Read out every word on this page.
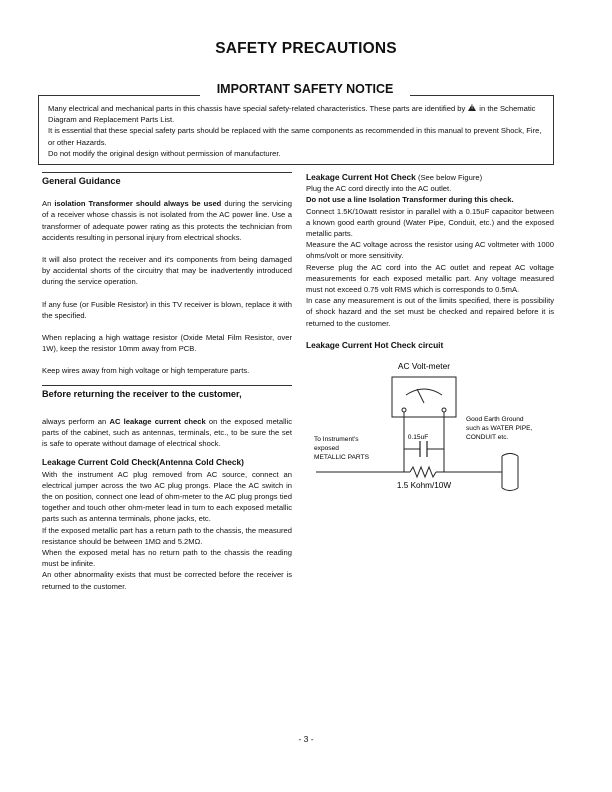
SAFETY PRECAUTIONS
IMPORTANT SAFETY NOTICE

Many electrical and mechanical parts in this chassis have special safety-related characteristics. These parts are identified by ! in the Schematic Diagram and Replacement Parts List.

It is essential that these special safety parts should be replaced with the same components as recommended in this manual to prevent Shock, Fire, or other Hazards.

Do not modify the original design without permission of manufacturer.

General Guidance

An isolation Transformer should always be used during the servicing of a receiver whose chassis is not isolated from the AC power line. Use a transformer of adequate power rating as this protects the technician from accidents resulting in personal injury from electrical shocks.

It will also protect the receiver and it's components from being damaged by accidental shorts of the circuitry that may be inadvertently introduced during the service operation.

If any fuse (or Fusible Resistor) in this TV receiver is blown, replace it with the specified.

When replacing a high wattage resistor (Oxide Metal Film Resistor, over 1W), keep the resistor 10mm away from PCB.

Keep wires away from high voltage or high temperature parts.

Before returning the receiver to the customer,

always perform an AC leakage current check on the exposed metallic parts of the cabinet, such as antennas, terminals, etc., to be sure the set is safe to operate without damage of electrical shock.

Leakage Current Cold Check(Antenna Cold Check)

With the instrument AC plug removed from AC source, connect an electrical jumper across the two AC plug prongs. Place the AC switch in the on position, connect one lead of ohm-meter to the AC plug prongs tied together and touch other ohm-meter lead in turn to each exposed metallic parts such as antenna terminals, phone jacks, etc.

If the exposed metallic part has a return path to the chassis, the measured resistance should be between 1MΩ and 5.2MΩ.

When the exposed metal has no return path to the chassis the reading must be infinite.

An other abnormality exists that must be corrected before the receiver is returned to the customer.

Leakage Current Hot Check (See below Figure)

Plug the AC cord directly into the AC outlet.

Do not use a line Isolation Transformer during this check.

Connect 1.5K/10watt resistor in parallel with a 0.15uF capacitor between a known good earth ground (Water Pipe, Conduit, etc.) and the exposed metallic parts.

Measure the AC voltage across the resistor using AC voltmeter with 1000 ohms/volt or more sensitivity.

Reverse plug the AC cord into the AC outlet and repeat AC voltage measurements for each exposed metallic part. Any voltage measured must not exceed 0.75 volt RMS which is corresponds to 0.5mA.

In case any measurement is out of the limits specified, there is possibility of shock hazard and the set must be checked and repaired before it is returned to the customer.

Leakage Current Hot Check circuit

AC Volt-meter
0.15uF
1.5 Kohm/10W
To Instrument's
exposed
METALLIC PARTS
Good Earth Ground
such as WATER PIPE,
CONDUIT etc.
- 3 -
